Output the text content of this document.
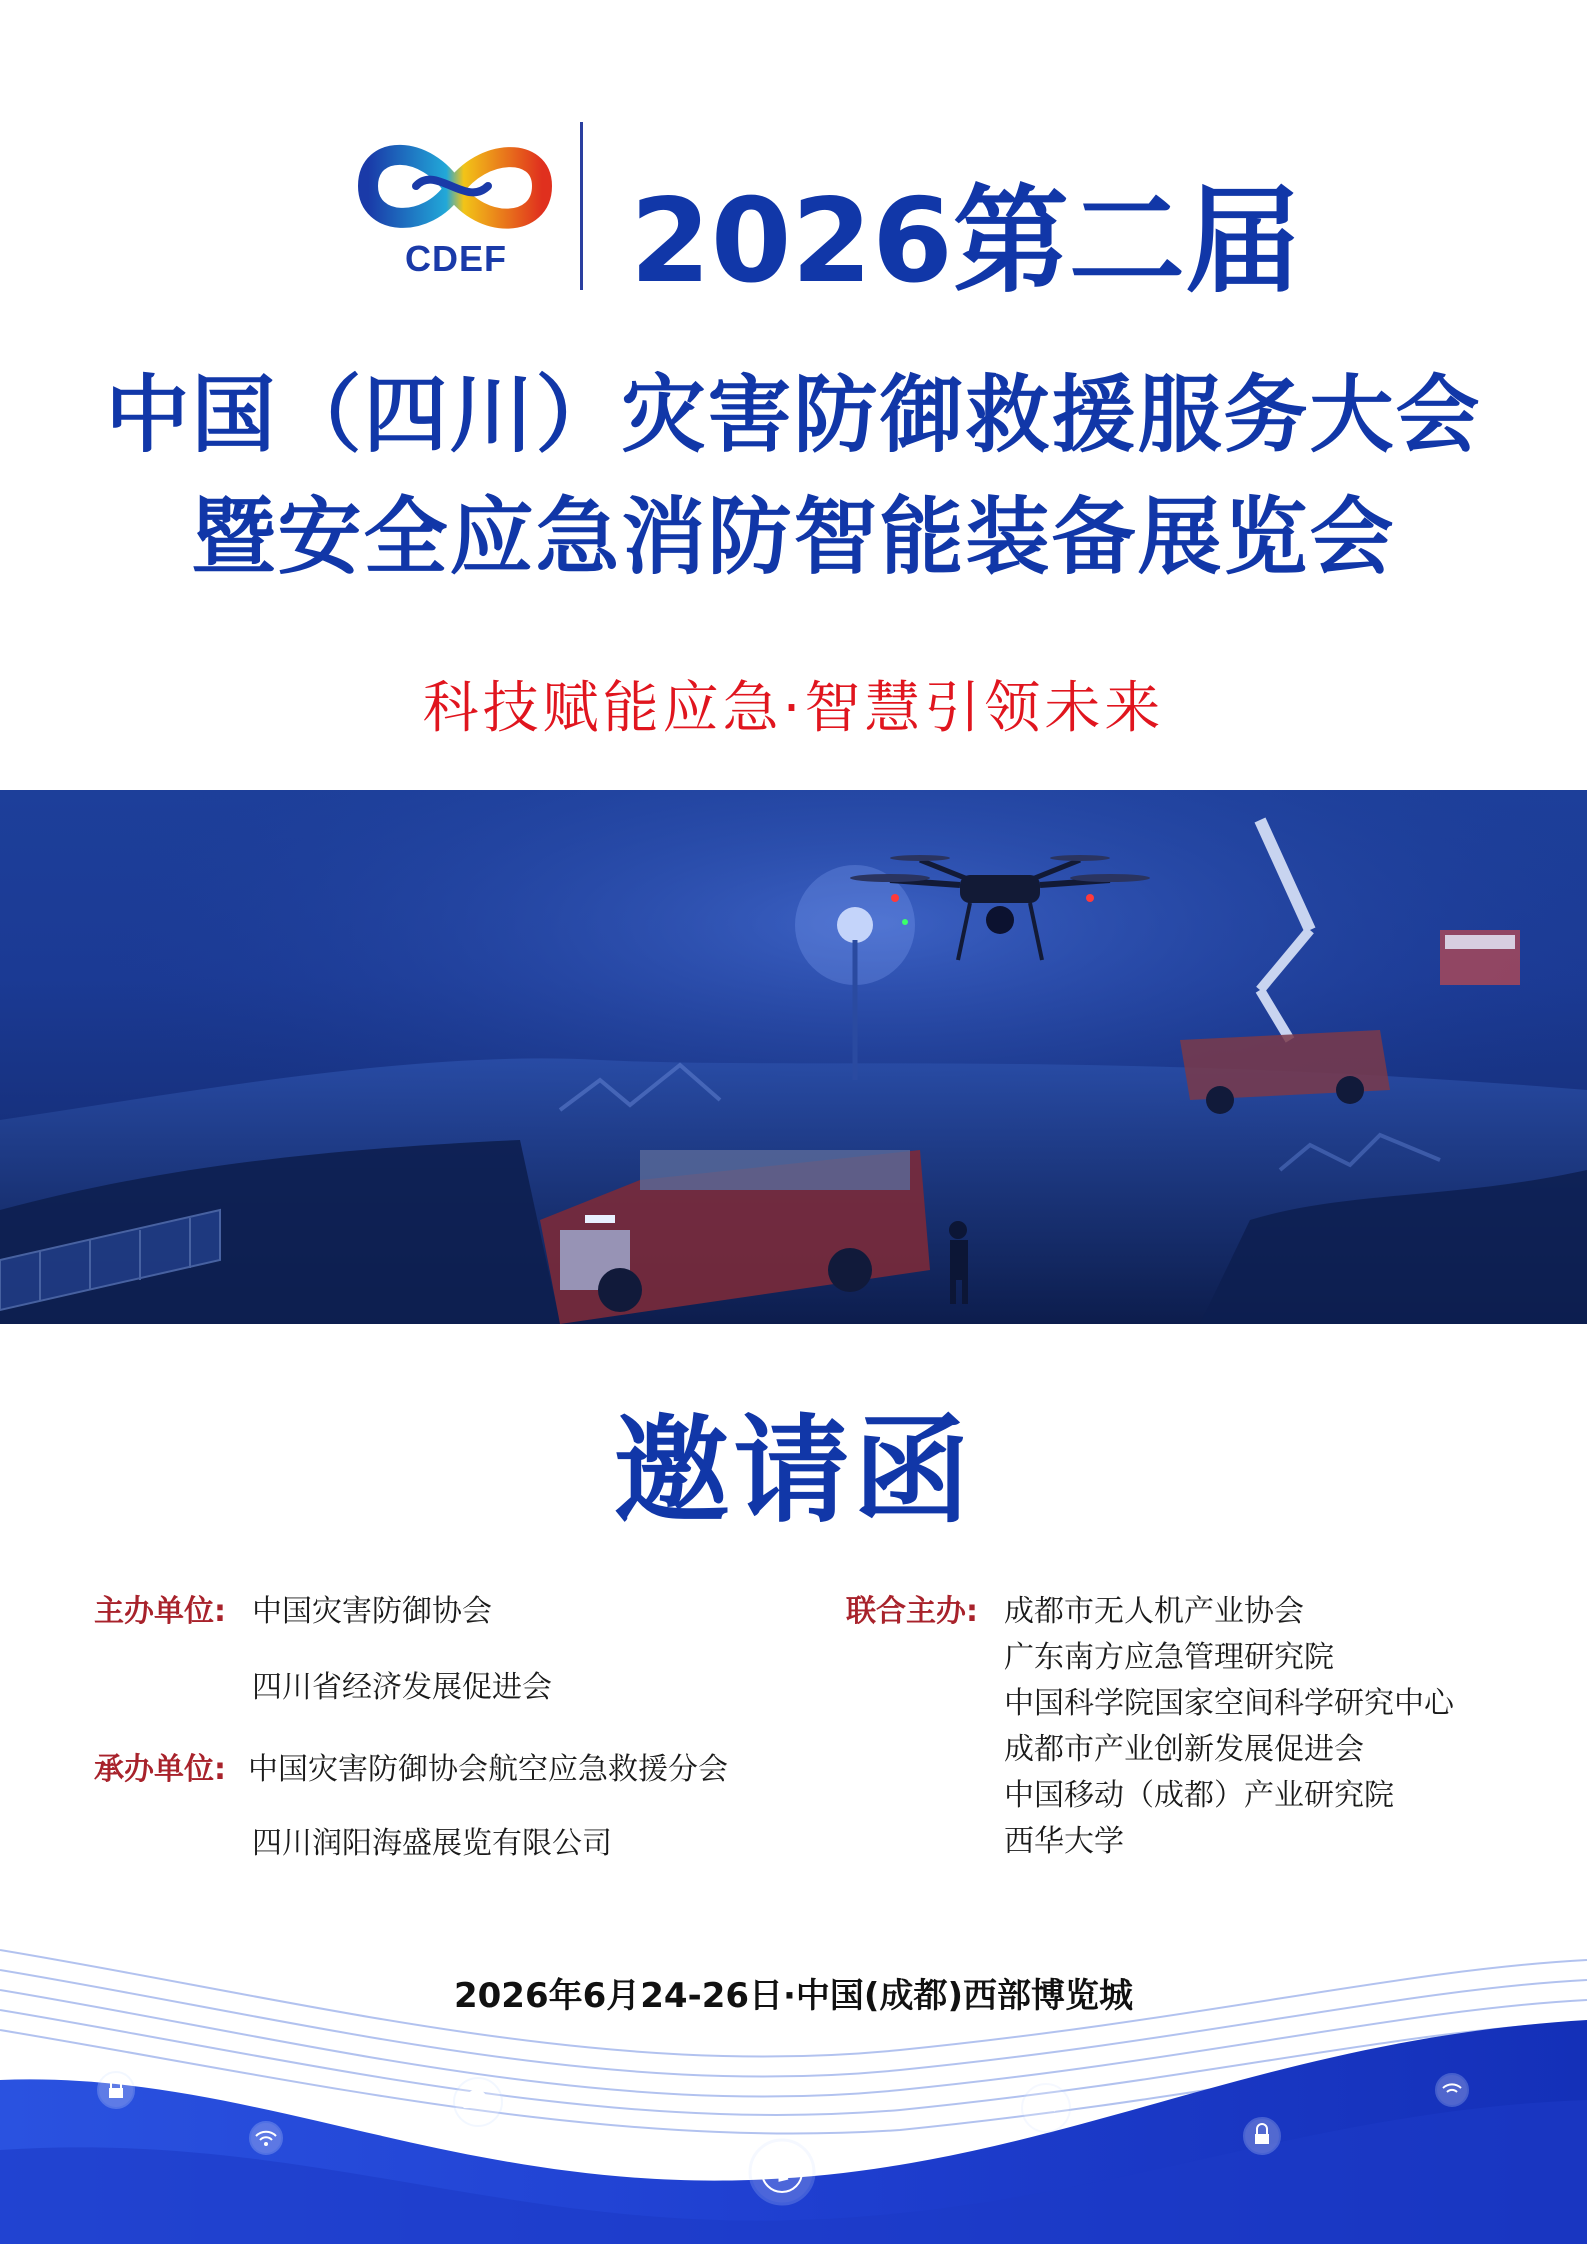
CDEF 2026第二届
中国（四川）灾害防御救援服务大会
暨安全应急消防智能装备展览会
科技赋能应急·智慧引领未来
邀请函
主办单位: 中国灾害防御协会
四川省经济发展促进会
承办单位: 中国灾害防御协会航空应急救援分会
四川润阳海盛展览有限公司
联合主办: 成都市无人机产业协会
广东南方应急管理研究院
中国科学院国家空间科学研究中心
成都市产业创新发展促进会
中国移动（成都）产业研究院
西华大学
2026年6月24-26日·中国(成都)西部博览城
